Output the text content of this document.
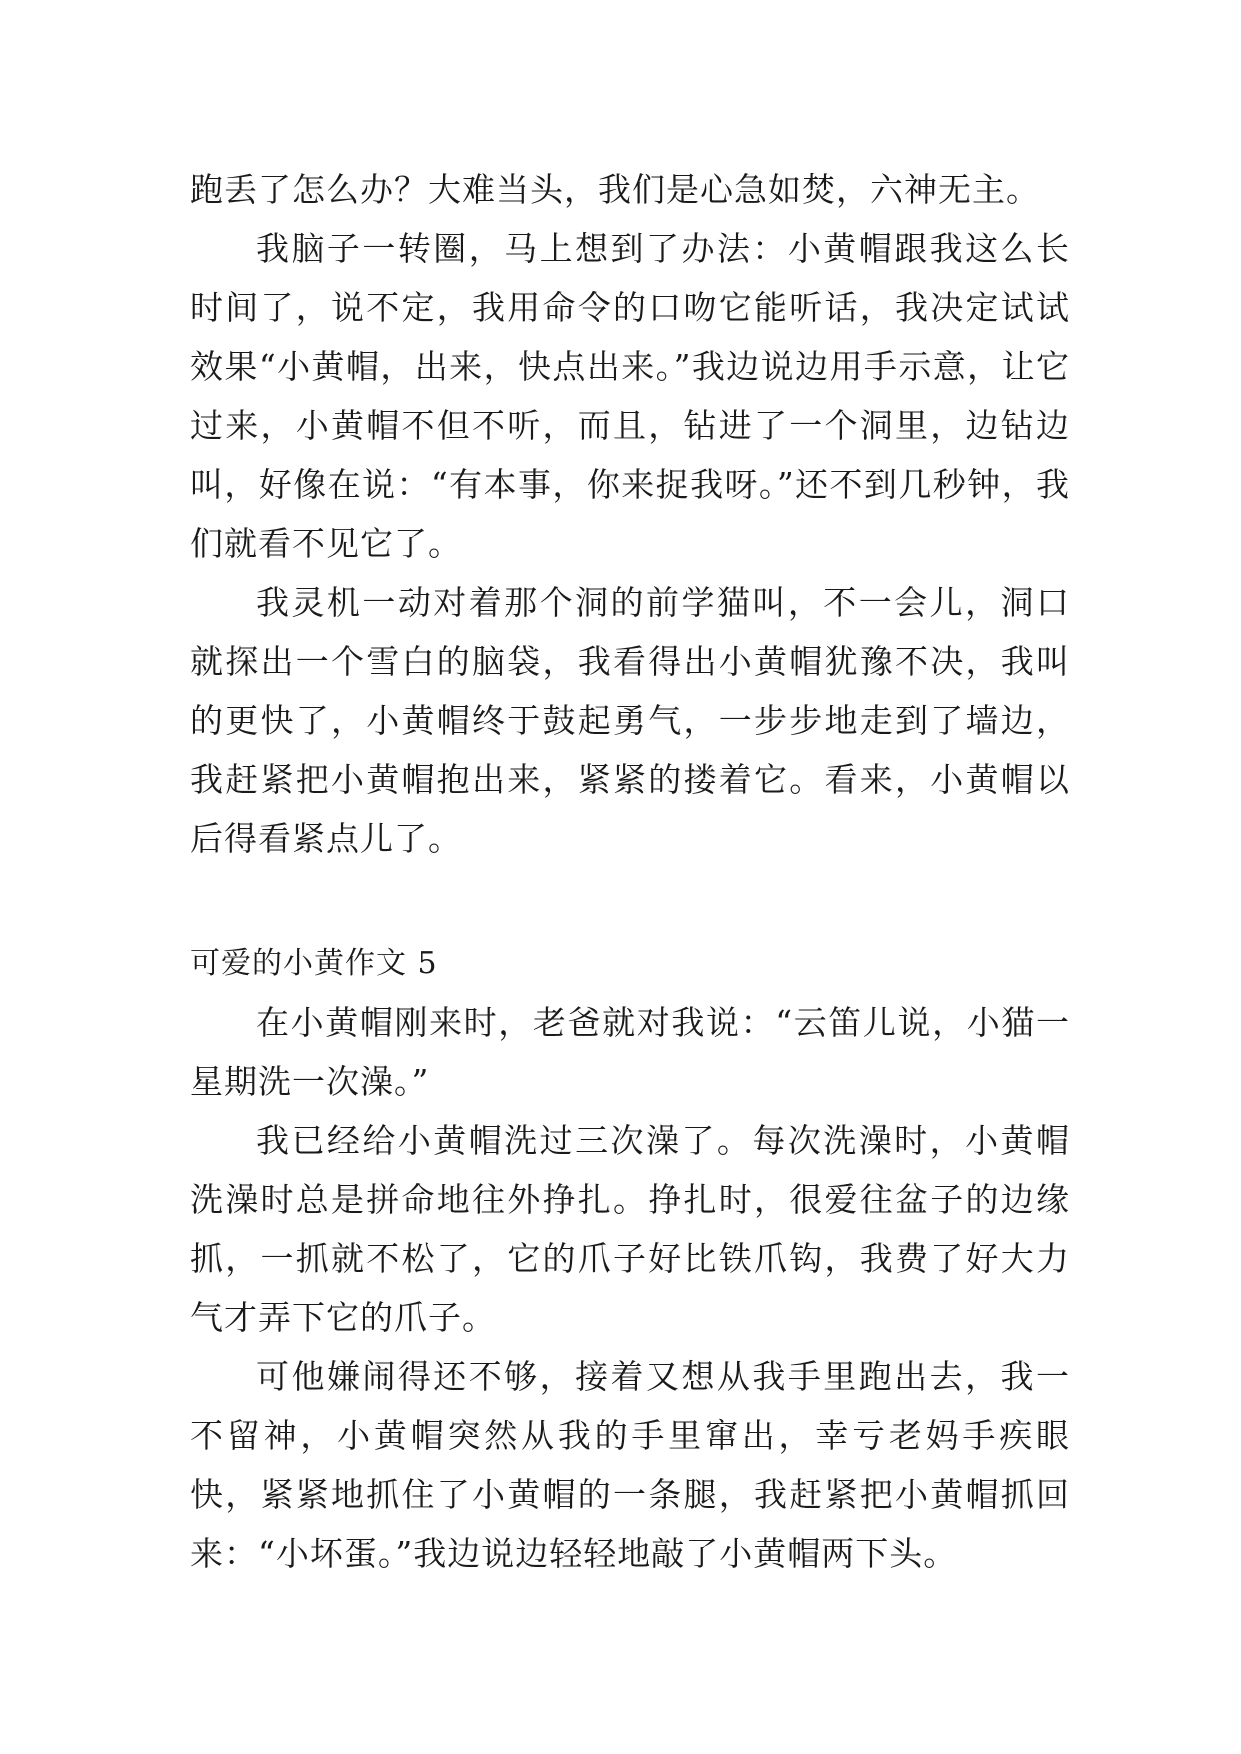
跑丢了怎么办？大难当头，我们是心急如焚，六神无主。

我脑子一转圈，马上想到了办法：小黄帽跟我这么长时间了，说不定，我用命令的口吻它能听话，我决定试试效果“小黄帽，出来，快点出来。”我边说边用手示意，让它过来，小黄帽不但不听，而且，钻进了一个洞里，边钻边叫，好像在说：“有本事，你来捉我呀。”还不到几秒钟，我们就看不见它了。

我灵机一动对着那个洞的前学猫叫，不一会儿，洞口就探出一个雪白的脑袋，我看得出小黄帽犹豫不决，我叫的更快了，小黄帽终于鼓起勇气，一步步地走到了墙边，我赶紧把小黄帽抱出来，紧紧的搂着它。看来，小黄帽以后得看紧点儿了。

可爱的小黄作文 5

在小黄帽刚来时，老爸就对我说：“云笛儿说，小猫一星期洗一次澡。”

我已经给小黄帽洗过三次澡了。每次洗澡时，小黄帽洗澡时总是拼命地往外挣扎。挣扎时，很爱往盆子的边缘抓，一抓就不松了，它的爪子好比铁爪钩，我费了好大力气才弄下它的爪子。

可他嫌闹得还不够，接着又想从我手里跑出去，我一不留神，小黄帽突然从我的手里窜出，幸亏老妈手疾眼快，紧紧地抓住了小黄帽的一条腿，我赶紧把小黄帽抓回来：“小坏蛋。”我边说边轻轻地敲了小黄帽两下头。
